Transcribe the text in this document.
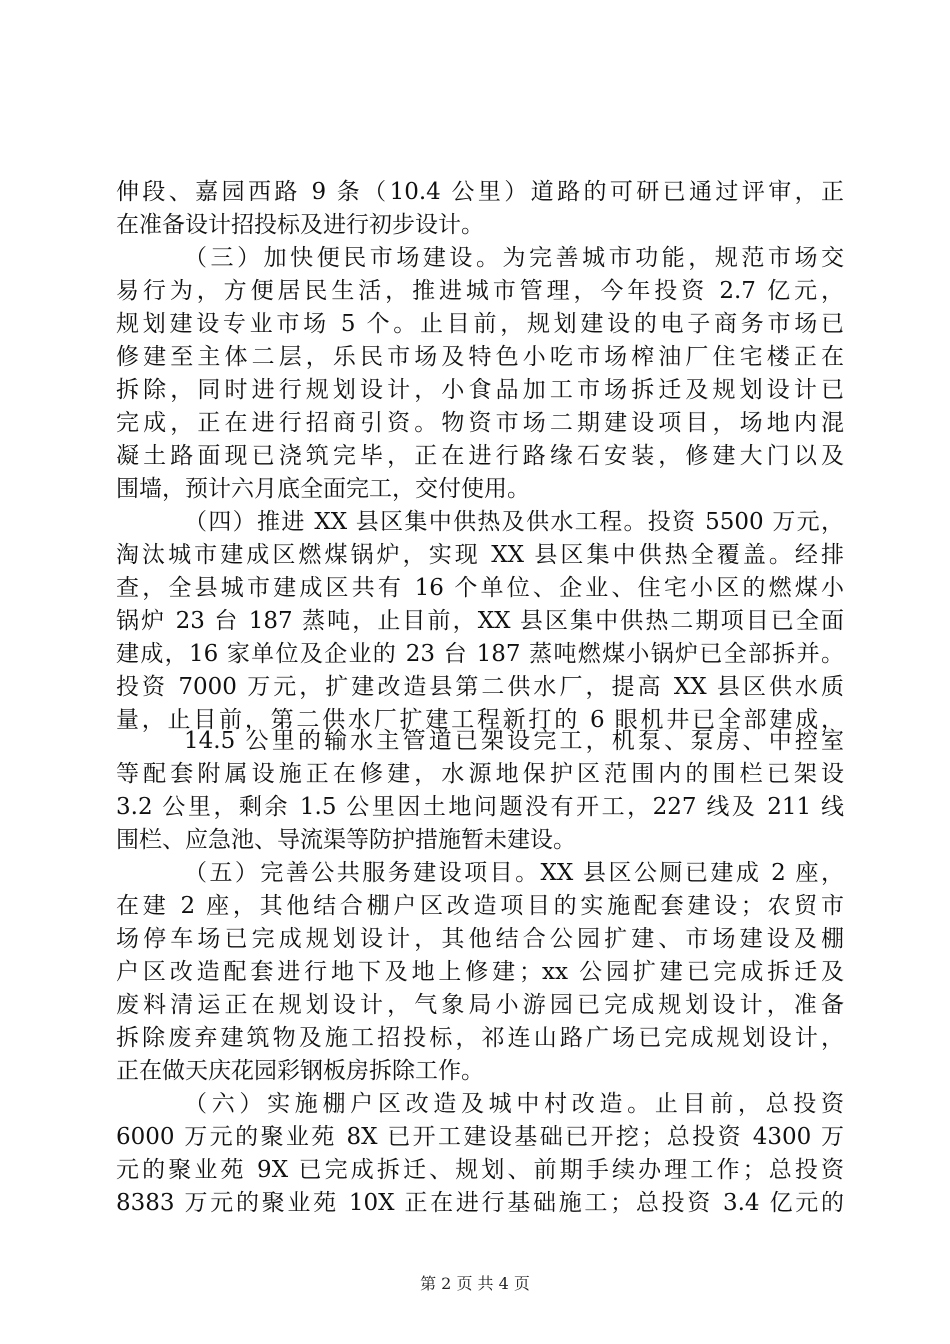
伸段、嘉园西路 9 条（10.4 公里）道路的可研已通过评审，正
在准备设计招投标及进行初步设计。
（三）加快便民市场建设。为完善城市功能，规范市场交
易行为，方便居民生活，推进城市管理，今年投资 2.7 亿元，
规划建设专业市场 5 个。止目前，规划建设的电子商务市场已
修建至主体二层，乐民市场及特色小吃市场榨油厂住宅楼正在
拆除，同时进行规划设计，小食品加工市场拆迁及规划设计已
完成，正在进行招商引资。物资市场二期建设项目，场地内混
凝土路面现已浇筑完毕，正在进行路缘石安装，修建大门以及
围墙，预计六月底全面完工，交付使用。
（四）推进 XX 县区集中供热及供水工程。投资 5500 万元，
淘汰城市建成区燃煤锅炉，实现 XX 县区集中供热全覆盖。经排
查，全县城市建成区共有 16 个单位、企业、住宅小区的燃煤小
锅炉 23 台 187 蒸吨，止目前，XX 县区集中供热二期项目已全面
建成，16 家单位及企业的 23 台 187 蒸吨燃煤小锅炉已全部拆并。
投资 7000 万元，扩建改造县第二供水厂，提高 XX 县区供水质
量，止目前，第二供水厂扩建工程新打的 6 眼机井已全部建成，
14.5 公里的输水主管道已架设完工，机泵、泵房、中控室
等配套附属设施正在修建，水源地保护区范围内的围栏已架设
3.2 公里，剩余 1.5 公里因土地问题没有开工，227 线及 211 线
围栏、应急池、导流渠等防护措施暂未建设。
（五）完善公共服务建设项目。XX 县区公厕已建成 2 座，
在建 2 座，其他结合棚户区改造项目的实施配套建设；农贸市
场停车场已完成规划设计，其他结合公园扩建、市场建设及棚
户区改造配套进行地下及地上修建；xx 公园扩建已完成拆迁及
废料清运正在规划设计，气象局小游园已完成规划设计，准备
拆除废弃建筑物及施工招投标，祁连山路广场已完成规划设计，
正在做天庆花园彩钢板房拆除工作。
（六）实施棚户区改造及城中村改造。止目前，总投资
6000 万元的聚业苑 8X 已开工建设基础已开挖；总投资 4300 万
元的聚业苑 9X 已完成拆迁、规划、前期手续办理工作；总投资
8383 万元的聚业苑 10X 正在进行基础施工；总投资 3.4 亿元的
第 2 页 共 4 页
